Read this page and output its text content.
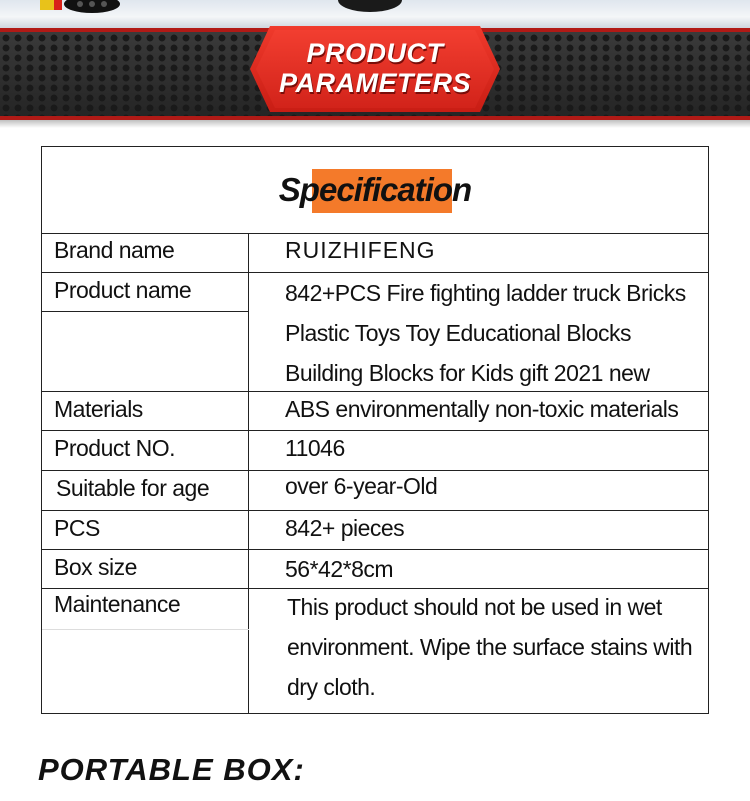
PRODUCT
PARAMETERS
Specification
Brand name	RUIZHIFENG
Product name	842+PCS Fire fighting ladder truck Bricks
Plastic Toys Toy Educational Blocks
Building Blocks for Kids gift 2021 new
Materials	ABS environmentally non-toxic materials
Product NO.	11046
Suitable for age	over 6-year-Old
PCS	842+ pieces
Box size	56*42*8cm
Maintenance	This product should not be used in wet
environment. Wipe the surface stains with
dry cloth.
PORTABLE BOX:
